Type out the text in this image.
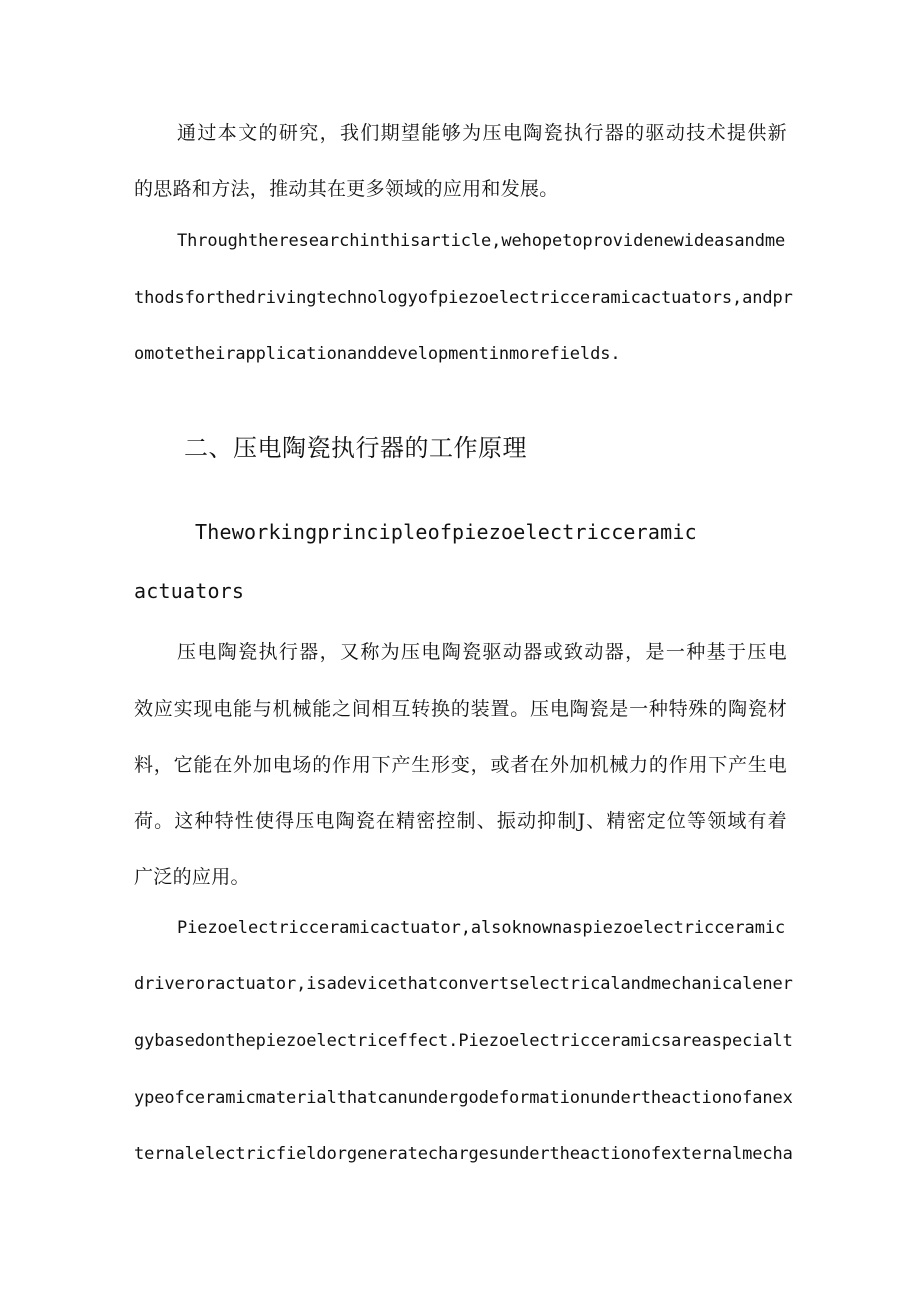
通过本文的研究，我们期望能够为压电陶瓷执行器的驱动技术提供新

的思路和方法，推动其在更多领域的应用和发展。

Throughtheresearchinthisarticle,wehopetoprovidenewideasandme

thodsforthedrivingtechnologyofpiezoelectricceramicactuators,andpr

omotetheirapplicationanddevelopmentinmorefields.

二、压电陶瓷执行器的工作原理

Theworkingprincipleofpiezoelectricceramic

actuators

压电陶瓷执行器，又称为压电陶瓷驱动器或致动器，是一种基于压电

效应实现电能与机械能之间相互转换的装置。压电陶瓷是一种特殊的陶瓷材

料，它能在外加电场的作用下产生形变，或者在外加机械力的作用下产生电

荷。这种特性使得压电陶瓷在精密控制、振动抑制J、精密定位等领域有着

广泛的应用。

Piezoelectricceramicactuator,alsoknownaspiezoelectricceramic

driveroractuator,isadevicethatconvertselectricalandmechanicalener

gybasedonthepiezoelectriceffect.Piezoelectricceramicsareaspecialt

ypeofceramicmaterialthatcanundergodeformationundertheactionofanex

ternalelectricfieldorgeneratechargesundertheactionofexternalmecha
